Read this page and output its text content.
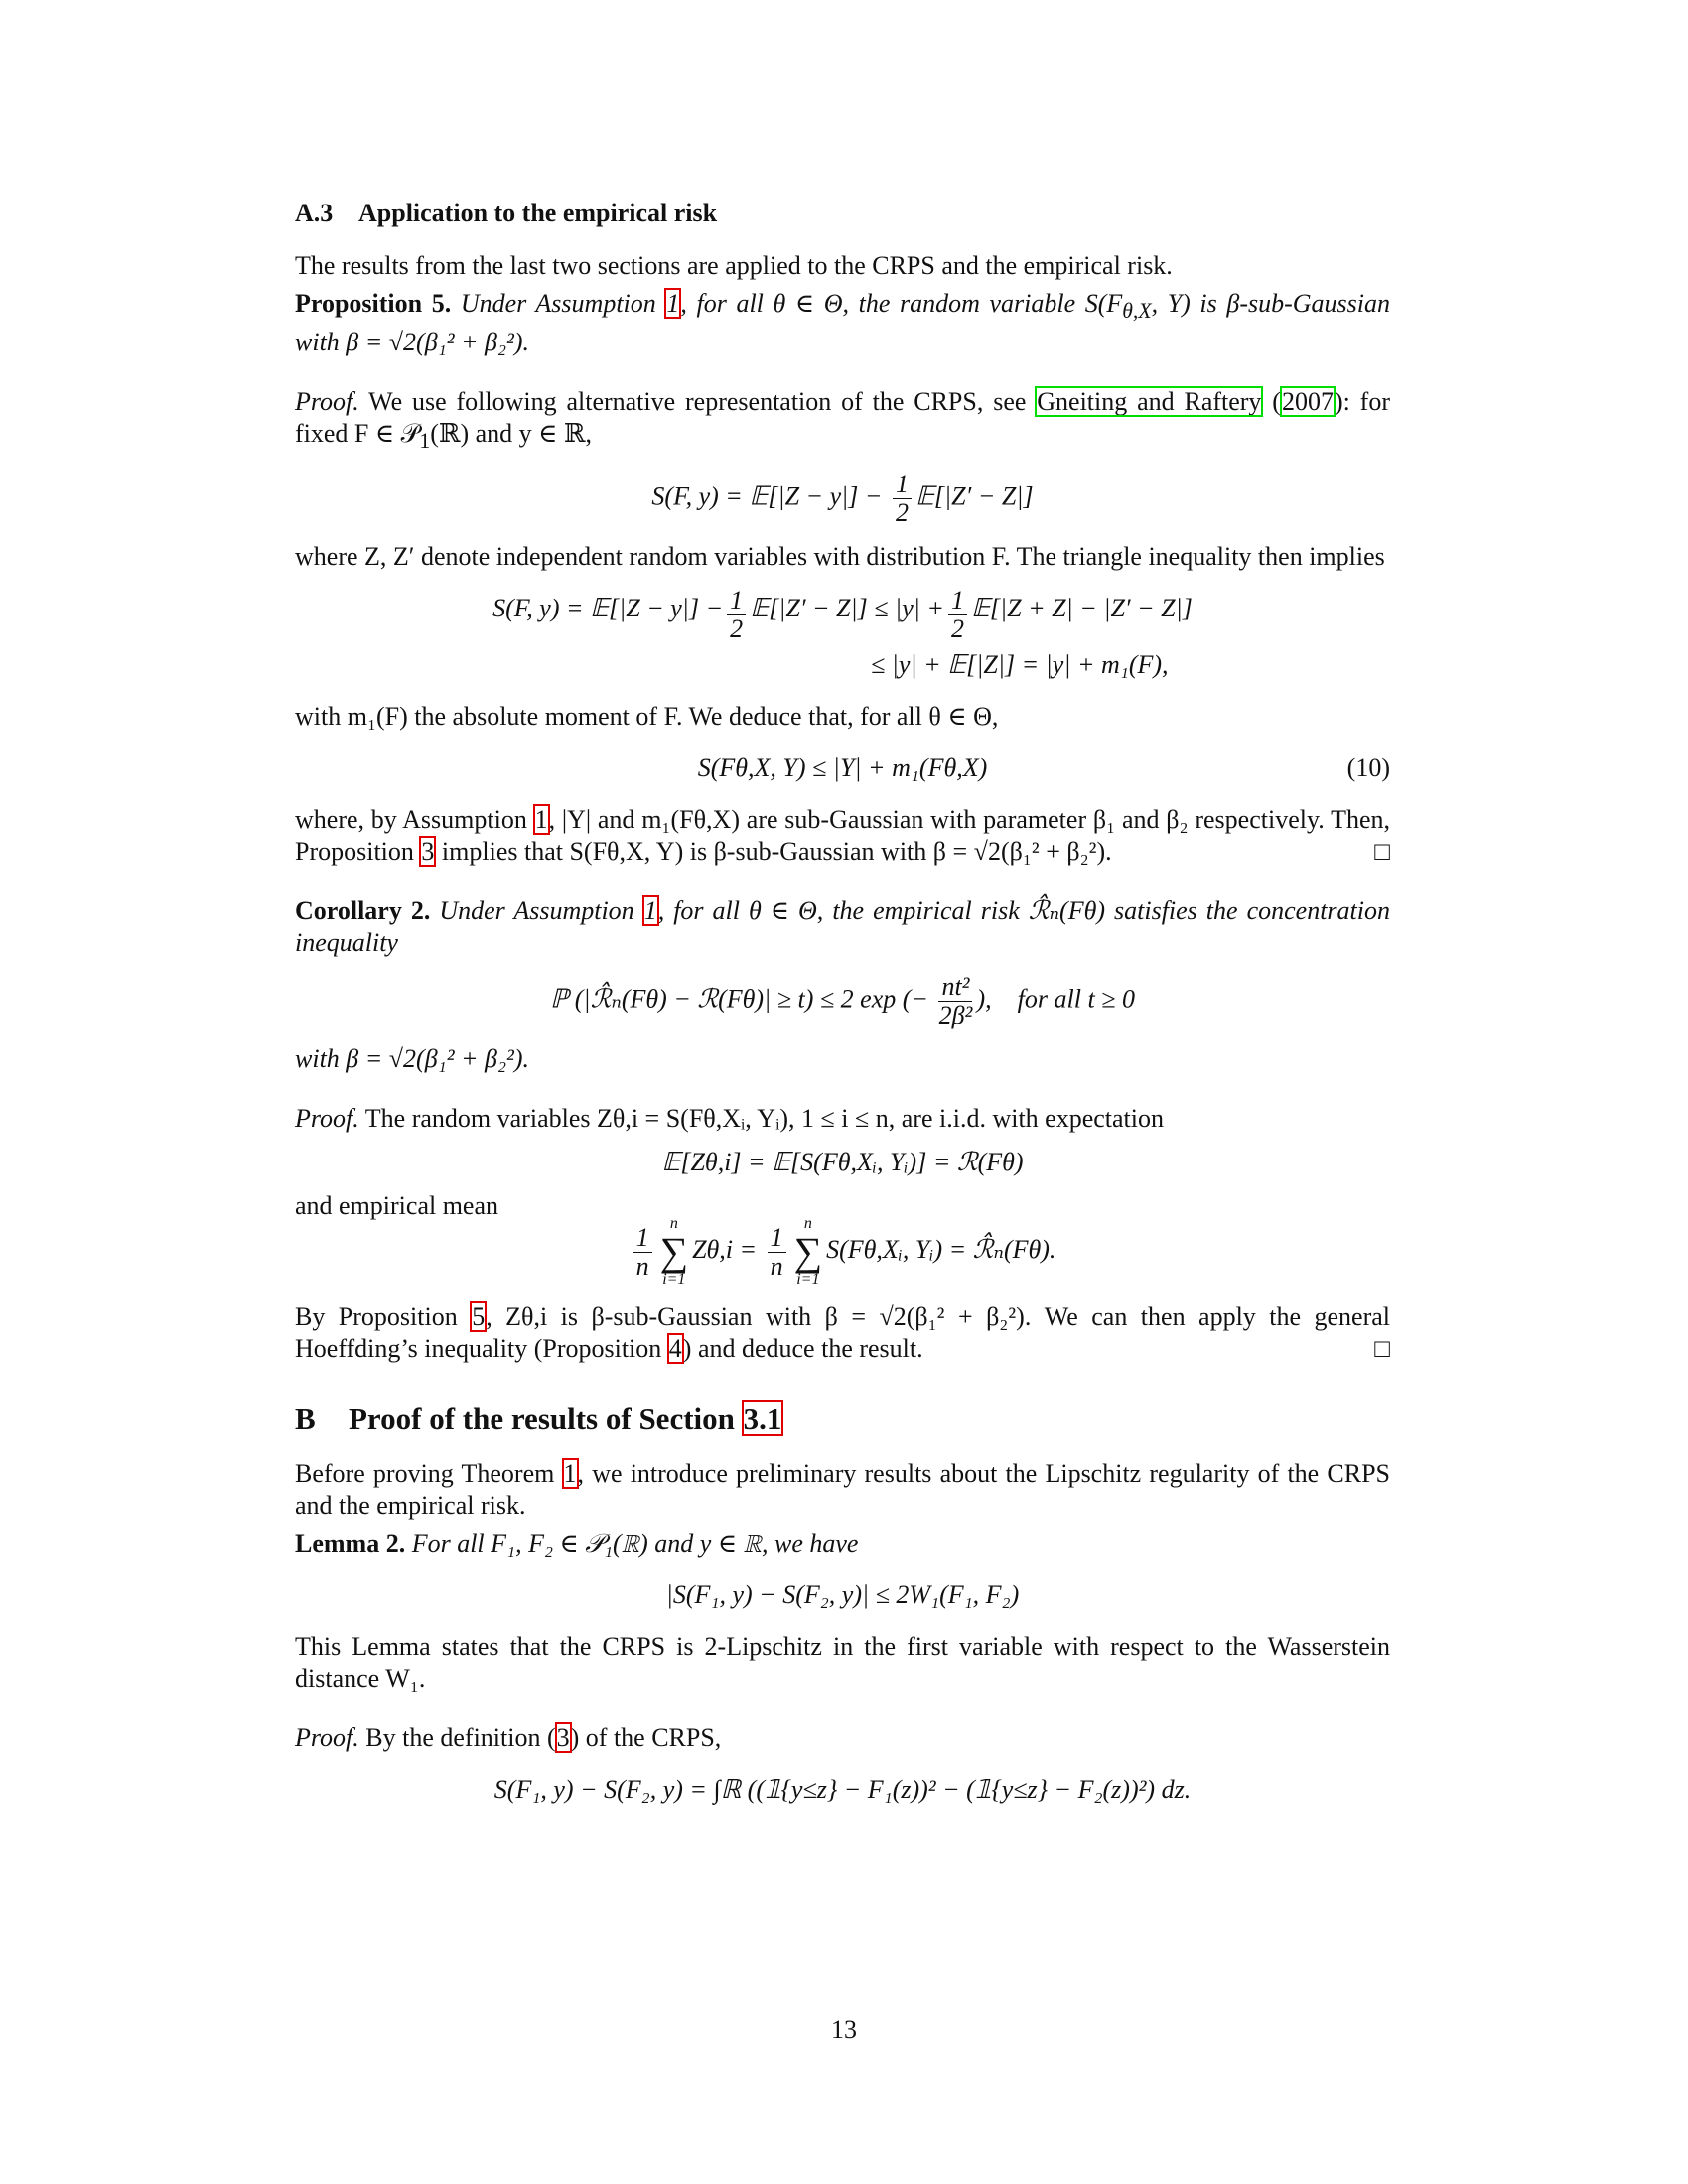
A.3 Application to the empirical risk

The results from the last two sections are applied to the CRPS and the empirical risk.

Proposition 5. Under Assumption 1, for all θ ∈ Θ, the random variable $S(F_{\theta,X}$, Y) is β-sub-Gaussian with β = √2(β₁² + β₂²).

Proof. We use following alternative representation of the CRPS, see Gneiting and Raftery (2007): for fixed F ∈ 𝒫$_1$(ℝ) and y ∈ ℝ,

S(F, y) = 𝔼[|Z − $y|] - \frac{1}{2}$ 𝔼[|Z′ − Z|]

where Z, Z′ denote independent random variables with distribution F. The triangle inequality then implies

S(F, y) = 𝔼[|Z − $y|] - \frac{1}{2}$ 𝔼[|Z′ − $Z|] \le |y| + \frac{1}{2}$ 𝔼[|Z + Z| − |Z′ − Z|]
≤ |y| + 𝔼[|Z|] = |y| + m₁(F),

with m₁(F) the absolute moment of F. We deduce that, for all θ ∈ Θ,

S(Fθ,X, Y) ≤ |Y| + m₁(Fθ,X)	(10)

where, by Assumption 1, |Y| and m₁(Fθ,X) are sub-Gaussian with parameter β₁ and β₂ respectively. Then, Proposition 3 implies that S(Fθ,X, Y) is β-sub-Gaussian with β = √2(β₁² + β₂²).	□

Corollary 2. Under Assumption 1, for all θ ∈ Θ, the empirical risk ℛ̂ₙ(Fθ) satisfies the concentration inequality

ℙ (|ℛ̂ₙ(Fθ) − ℛ(Fθ)| ≥ t) ≤ 2 exp (− $\frac{\text{nt²}}{\text{2β²}}$ ), for all t ≥ 0

with β = √2(β₁² + β₂²).

Proof. The random variables Zθ,i = S(Fθ,Xᵢ, Yᵢ), 1 ≤ i ≤ n, are i.i.d. with expectation

𝔼[Zθ,i] = 𝔼[S(Fθ,Xᵢ, Yᵢ)] = ℛ(Fθ)

and empirical mean

$\frac{1}{n}$ n
∑
$i=1Z\theta,i = \frac{1}{n}$ n
∑
i=1S(Fθ,Xᵢ, Yᵢ) = ℛ̂ₙ(Fθ).

By Proposition 5, Zθ,i is β-sub-Gaussian with β = √2(β₁² + β₂²). We can then apply the general Hoeffding’s inequality (Proposition 4) and deduce the result.	□

B Proof of the results of Section 3.1

Before proving Theorem 1, we introduce preliminary results about the Lipschitz regularity of the CRPS and the empirical risk.

Lemma 2. For all F₁, F₂ ∈ 𝒫₁(ℝ) and y ∈ ℝ, we have

|S(F₁, y) − S(F₂, y)| ≤ 2W₁(F₁, F₂)

This Lemma states that the CRPS is 2-Lipschitz in the first variable with respect to the Wasserstein distance W₁.

Proof. By the definition (3) of the CRPS,

S(F₁, y) − S(F₂, y) = ∫ℝ ((𝟙{y≤z} − F₁(z))² − (𝟙{y≤z} − F₂(z))²) dz.
13
